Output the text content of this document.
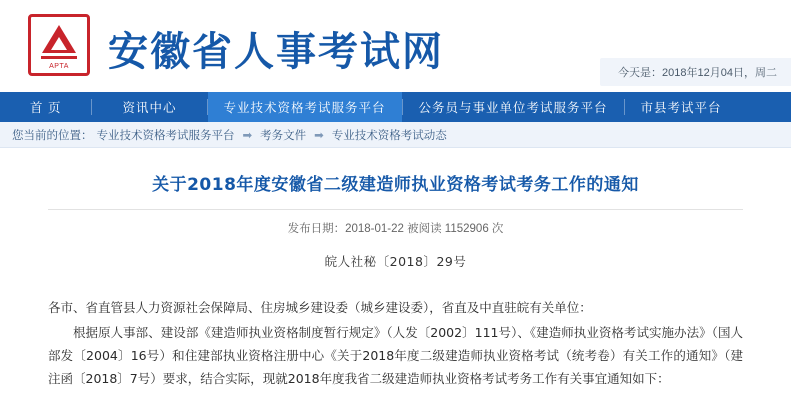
APTA 安徽省人事考试网	今天是：2018年12月04日，周二
首 页	资讯中心	专业技术资格考试服务平台	公务员与事业单位考试服务平台	市县考试平台
您当前的位置： 专业技术资格考试服务平台 ➡ 考务文件 ➡ 专业技术资格考试动态
关于2018年度安徽省二级建造师执业资格考试考务工作的通知
发布日期：2018-01-22 被阅读 1152906 次
皖人社秘〔2018〕29号

各市、省直管县人力资源社会保障局、住房城乡建设委（城乡建设委），省直及中直驻皖有关单位：

根据原人事部、建设部《建造师执业资格制度暂行规定》（人发〔2002〕111号）、《建造师执业资格考试实施办法》（国人部发〔2004〕16号）和住建部执业资格注册中心《关于2018年度二级建造师执业资格考试（统考卷）有关工作的通知》（建注函〔2018〕7号）要求，结合实际，现就2018年度我省二级建造师执业资格考试考务工作有关事宜通知如下：
